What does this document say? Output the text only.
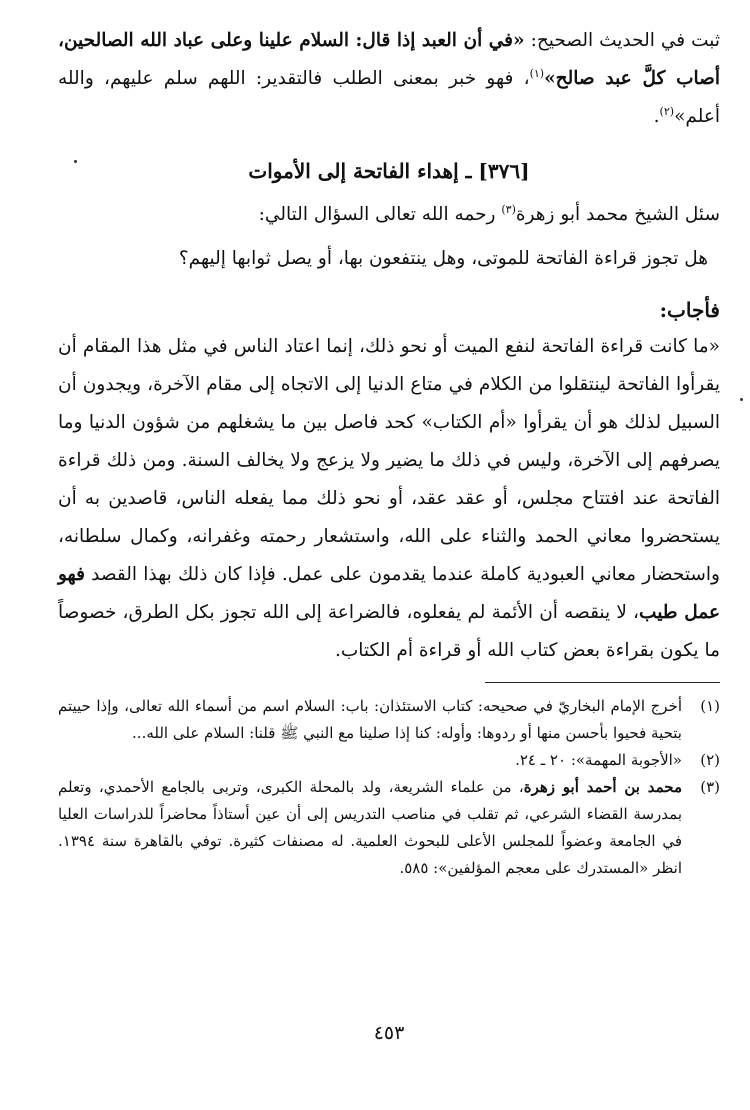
ثبت في الحديث الصحيح: «في أن العبد إذا قال: السلام علينا وعلى عباد الله الصالحين، أصاب كلَّ عبد صالح»$^{(١)}$، فهو خبر بمعنى الطلب فالتقدير: اللهم سلم عليهم، والله أعلم»$^{(٢)}$.

[٣٧٦] ـ إهداء الفاتحة إلى الأموات

سئل الشيخ محمد أبو زهرة$^{(٣)}$ رحمه الله تعالى السؤال التالي:

هل تجوز قراءة الفاتحة للموتى، وهل ينتفعون بها، أو يصل ثوابها إليهم؟

فأجاب:

«ما كانت قراءة الفاتحة لنفع الميت أو نحو ذلك، إنما اعتاد الناس في مثل هذا المقام أن يقرأوا الفاتحة لينتقلوا من الكلام في متاع الدنيا إلى الاتجاه إلى مقام الآخرة، ويجدون أن السبيل لذلك هو أن يقرأوا «أم الكتاب» كحد فاصل بين ما يشغلهم من شؤون الدنيا وما يصرفهم إلى الآخرة، وليس في ذلك ما يضير ولا يزعج ولا يخالف السنة. ومن ذلك قراءة الفاتحة عند افتتاح مجلس، أو عقد عقد، أو نحو ذلك مما يفعله الناس، قاصدين به أن يستحضروا معاني الحمد والثناء على الله، واستشعار رحمته وغفرانه، وكمال سلطانه، واستحضار معاني العبودية كاملة عندما يقدمون على عمل. فإذا كان ذلك بهذا القصد فهو عمل طيب، لا ينقصه أن الأئمة لم يفعلوه، فالضراعة إلى الله تجوز بكل الطرق، خصوصاً ما يكون بقراءة بعض كتاب الله أو قراءة أم الكتاب.

(١)
أخرج الإمام البخاريّ في صحيحه: كتاب الاستئذان: باب: السلام اسم من أسماء الله تعالى، وإذا حييتم بتحية فحيوا بأحسن منها أو ردوها: وأوله: كنا إذا صلينا مع النبي ﷺ قلنا: السلام على الله...
(٢)
«الأجوبة المهمة»: ٢٠ ـ ٢٤.
(٣)
محمد بن أحمد أبو زهرة، من علماء الشريعة، ولد بالمحلة الكبرى، وتربى بالجامع الأحمدي، وتعلم بمدرسة القضاء الشرعي، ثم تقلب في مناصب التدريس إلى أن عين أستاذاً محاضراً للدراسات العليا في الجامعة وعضواً للمجلس الأعلى للبحوث العلمية. له مصنفات كثيرة. توفي بالقاهرة سنة ١٣٩٤. انظر «المستدرك على معجم المؤلفين»: ٥٨٥.
٤٥٣
